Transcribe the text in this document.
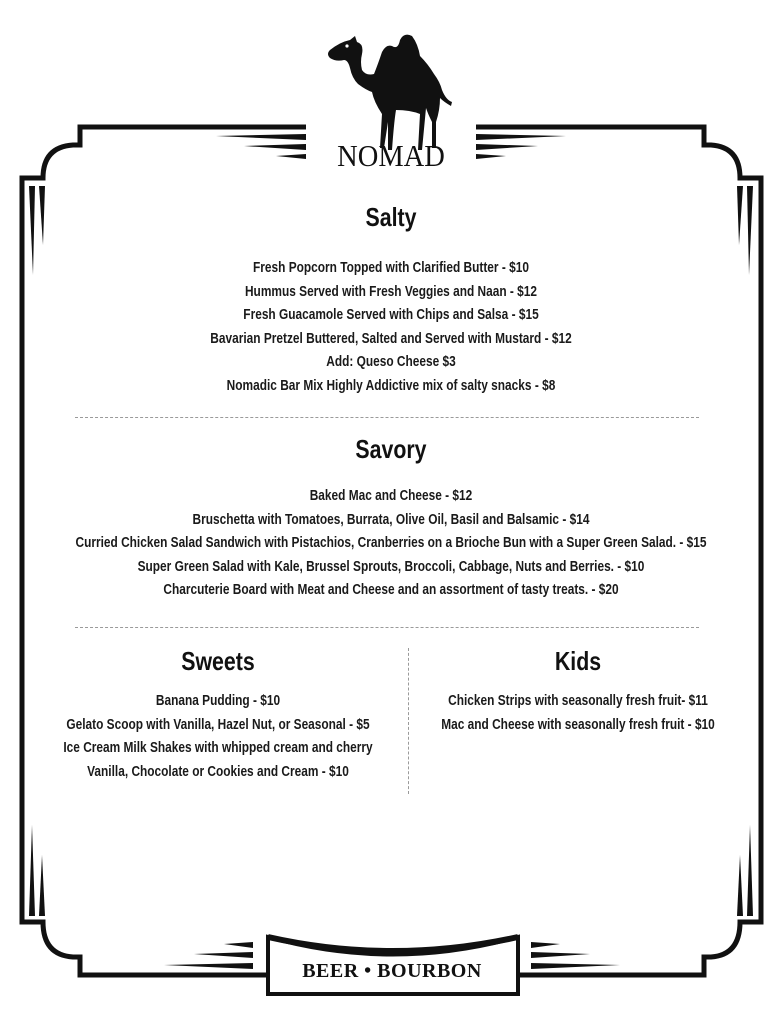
NOMAD
Salty
Fresh Popcorn Topped with Clarified Butter - $10
Hummus Served with Fresh Veggies and Naan - $12
Fresh Guacamole Served with Chips and Salsa - $15
Bavarian Pretzel Buttered, Salted and Served with Mustard - $12
Add: Queso Cheese $3
Nomadic Bar Mix Highly Addictive mix of salty snacks - $8
Savory
Baked Mac and Cheese - $12
Bruschetta with Tomatoes, Burrata, Olive Oil, Basil and Balsamic - $14
Curried Chicken Salad Sandwich with Pistachios, Cranberries on a Brioche Bun with a Super Green Salad. - $15
Super Green Salad with Kale, Brussel Sprouts, Broccoli, Cabbage, Nuts and Berries. - $10
Charcuterie Board with Meat and Cheese and an assortment of tasty treats. - $20
Sweets
Banana Pudding - $10
Gelato Scoop with Vanilla, Hazel Nut, or Seasonal - $5
Ice Cream Milk Shakes with whipped cream and cherry
Vanilla, Chocolate or Cookies and Cream - $10
Kids
Chicken Strips with seasonally fresh fruit- $11
Mac and Cheese with seasonally fresh fruit - $10
BEER • BOURBON
